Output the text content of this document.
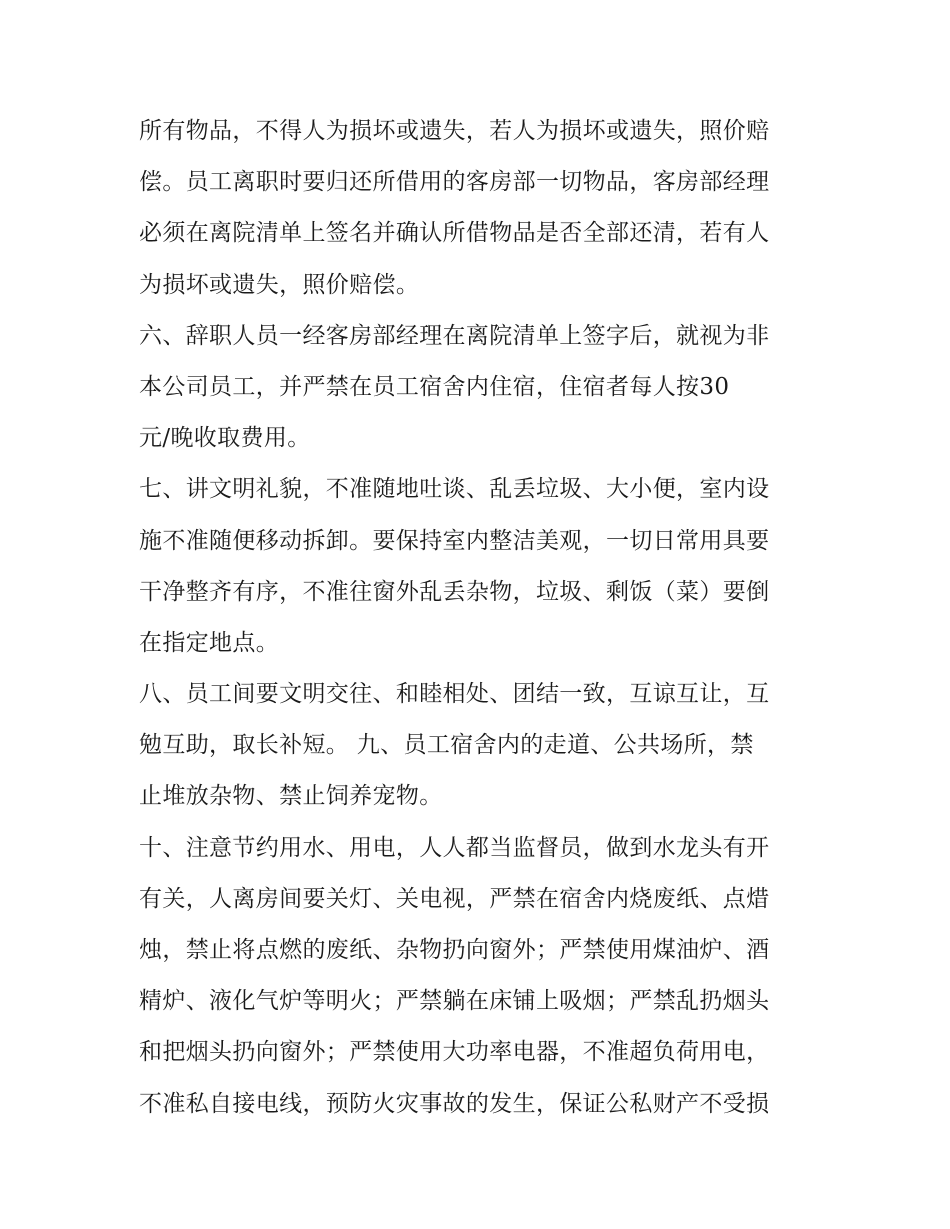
所有物品，不得人为损坏或遗失，若人为损坏或遗失，照价赔
偿。员工离职时要归还所借用的客房部一切物品，客房部经理
必须在离院清单上签名并确认所借物品是否全部还清，若有人
为损坏或遗失，照价赔偿。
六、辞职人员一经客房部经理在离院清单上签字后，就视为非
本公司员工，并严禁在员工宿舍内住宿，住宿者每人按30
元/晚收取费用。
七、讲文明礼貌，不准随地吐谈、乱丢垃圾、大小便，室内设
施不准随便移动拆卸。要保持室内整洁美观，一切日常用具要
干净整齐有序，不准往窗外乱丢杂物，垃圾、剩饭（菜）要倒
在指定地点。
八、员工间要文明交往、和睦相处、团结一致，互谅互让，互
勉互助，取长补短。 九、员工宿舍内的走道、公共场所，禁
止堆放杂物、禁止饲养宠物。
十、注意节约用水、用电，人人都当监督员，做到水龙头有开
有关，人离房间要关灯、关电视，严禁在宿舍内烧废纸、点焟
烛，禁止将点燃的废纸、杂物扔向窗外；严禁使用煤油炉、酒
精炉、液化气炉等明火；严禁躺在床铺上吸烟；严禁乱扔烟头
和把烟头扔向窗外；严禁使用大功率电器，不准超负荷用电，
不准私自接电线，预防火灾事故的发生，保证公私财产不受损
